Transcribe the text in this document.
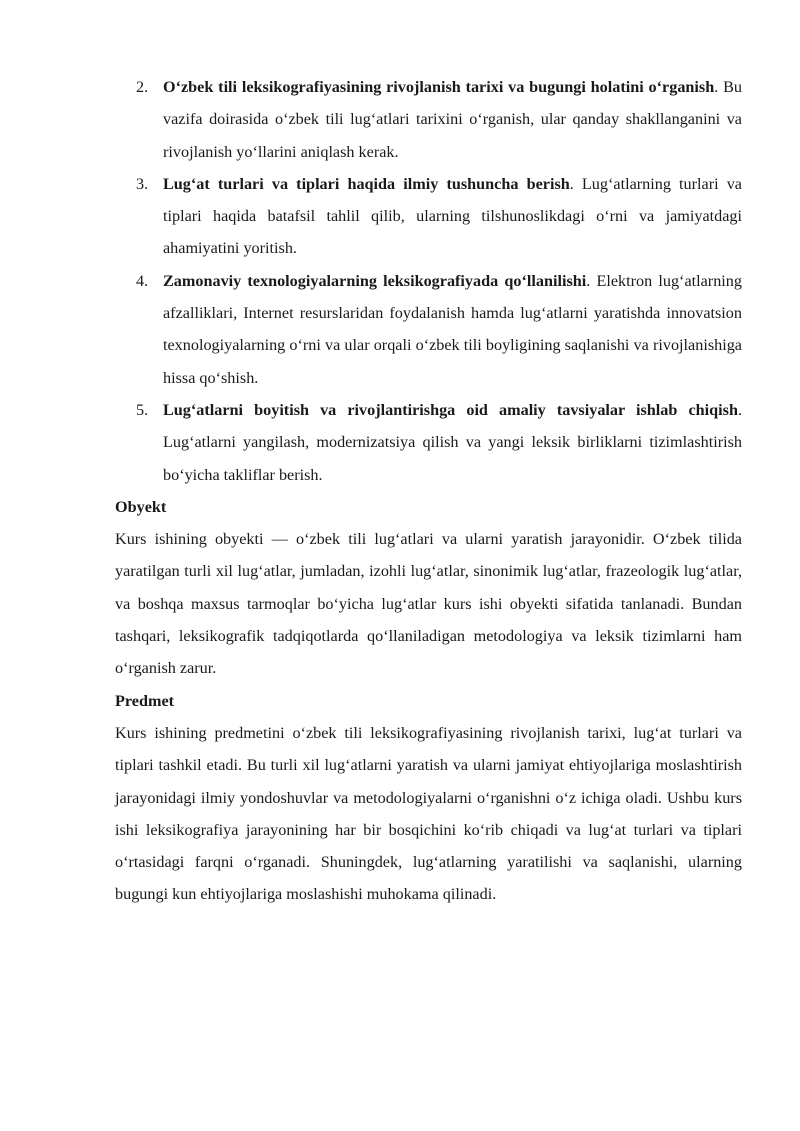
2. O‘zbek tili leksikografiyasining rivojlanish tarixi va bugungi holatini o‘rganish. Bu vazifa doirasida o‘zbek tili lug‘atlari tarixini o‘rganish, ular qanday shakllanganini va rivojlanish yo‘llarini aniqlash kerak.
3. Lug‘at turlari va tiplari haqida ilmiy tushuncha berish. Lug‘atlarning turlari va tiplari haqida batafsil tahlil qilib, ularning tilshunoslikdagi o‘rni va jamiyatdagi ahamiyatini yoritish.
4. Zamonaviy texnologiyalarning leksikografiyada qo‘llanilishi. Elektron lug‘atlarning afzalliklari, Internet resurslaridan foydalanish hamda lug‘atlarni yaratishda innovatsion texnologiyalarning o‘rni va ular orqali o‘zbek tili boyligining saqlanishi va rivojlanishiga hissa qo‘shish.
5. Lug‘atlarni boyitish va rivojlantirishga oid amaliy tavsiyalar ishlab chiqish. Lug‘atlarni yangilash, modernizatsiya qilish va yangi leksik birliklarni tizimlashtirish bo‘yicha takliflar berish.
Obyekt

Kurs ishining obyekti — o‘zbek tili lug‘atlari va ularni yaratish jarayonidir. O‘zbek tilida yaratilgan turli xil lug‘atlar, jumladan, izohli lug‘atlar, sinonimik lug‘atlar, frazeologik lug‘atlar, va boshqa maxsus tarmoqlar bo‘yicha lug‘atlar kurs ishi obyekti sifatida tanlanadi. Bundan tashqari, leksikografik tadqiqotlarda qo‘llaniladigan metodologiya va leksik tizimlarni ham o‘rganish zarur.

Predmet

Kurs ishining predmetini o‘zbek tili leksikografiyasining rivojlanish tarixi, lug‘at turlari va tiplari tashkil etadi. Bu turli xil lug‘atlarni yaratish va ularni jamiyat ehtiyojlariga moslashtirish jarayonidagi ilmiy yondoshuvlar va metodologiyalarni o‘rganishni o‘z ichiga oladi. Ushbu kurs ishi leksikografiya jarayonining har bir bosqichini ko‘rib chiqadi va lug‘at turlari va tiplari o‘rtasidagi farqni o‘rganadi. Shuningdek, lug‘atlarning yaratilishi va saqlanishi, ularning bugungi kun ehtiyojlariga moslashishi muhokama qilinadi.
